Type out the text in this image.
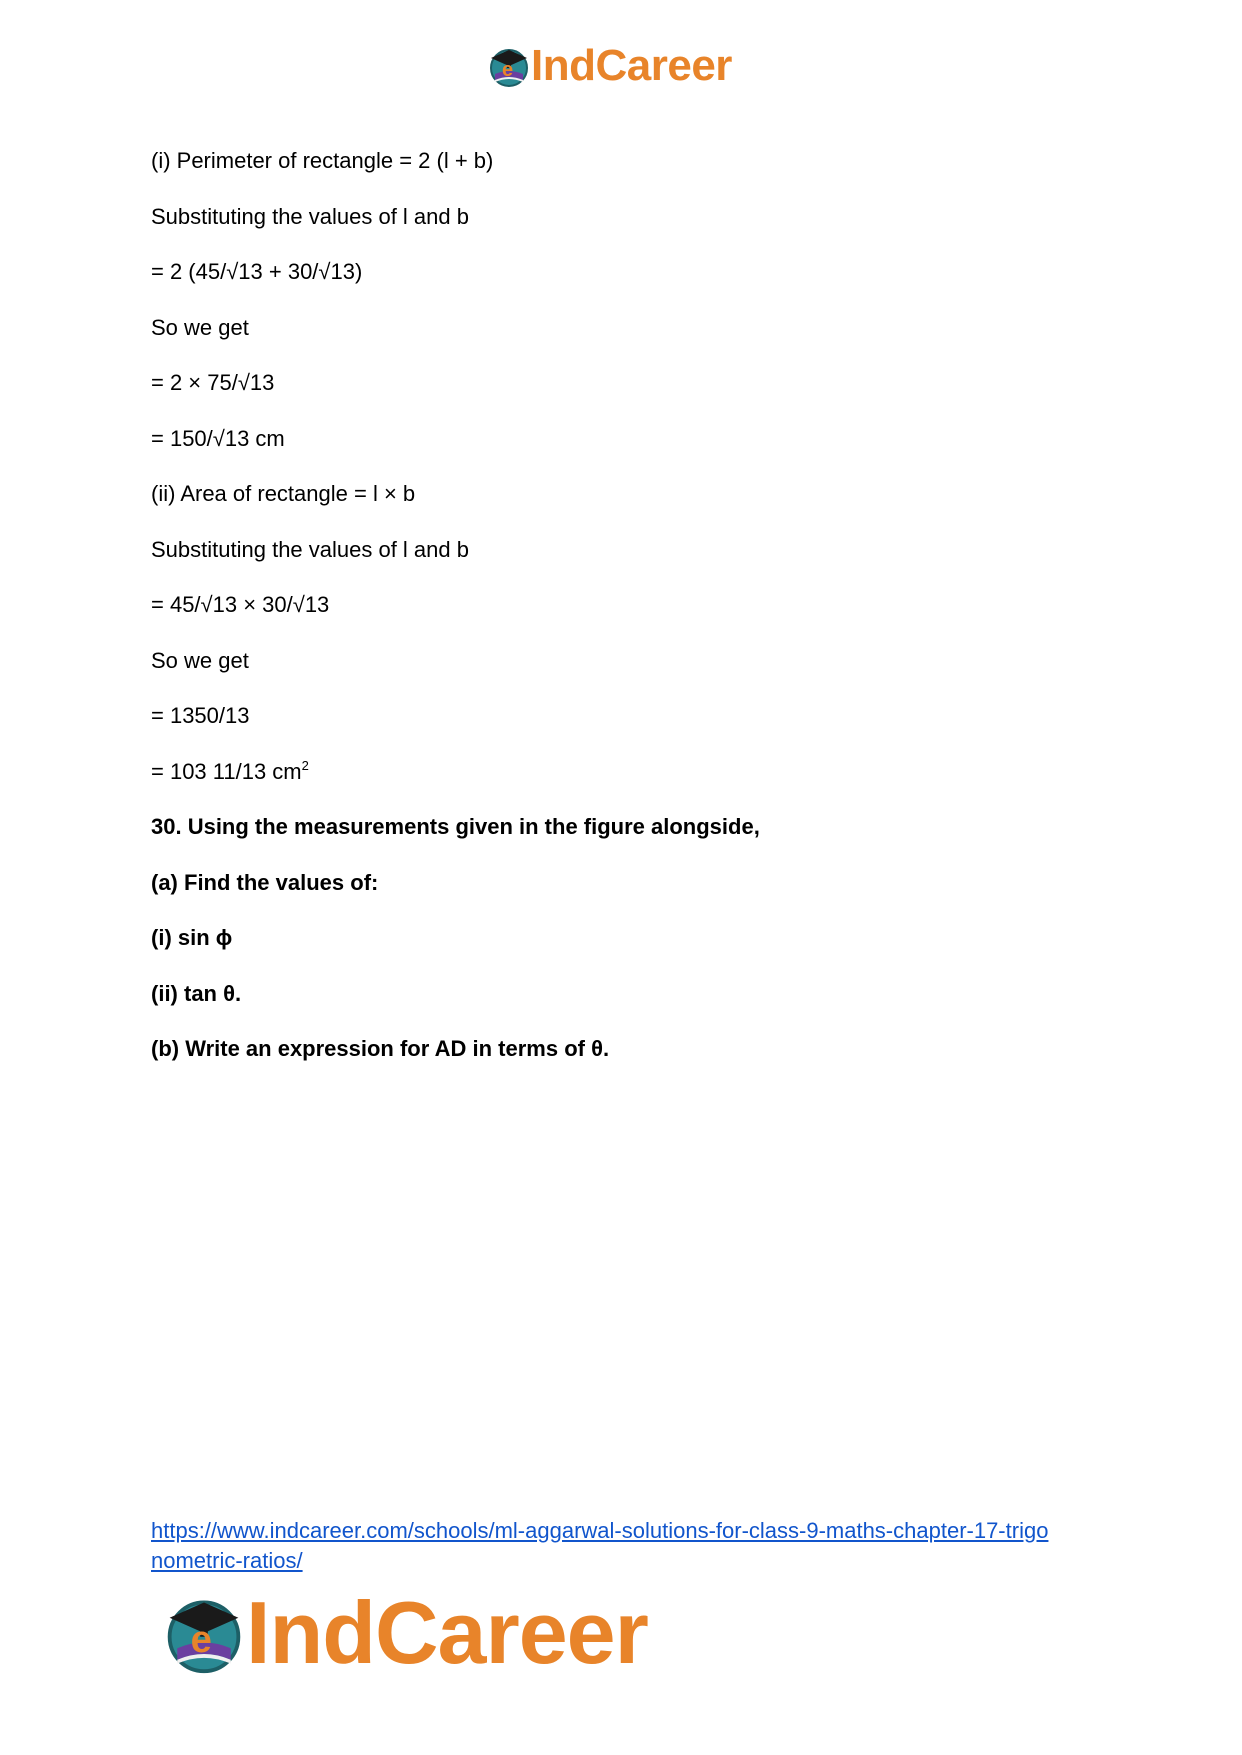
e IndCareer
(i) Perimeter of rectangle = 2 (l + b)
Substituting the values of l and b
= 2 (45/√13 + 30/√13)
So we get
= 2 × 75/√13
= 150/√13 cm
(ii) Area of rectangle = l × b
Substituting the values of l and b
= 45/√13 × 30/√13
So we get
= 1350/13
= 103 11/13 $cm^2$
30. Using the measurements given in the figure alongside,
(a) Find the values of:
(i) sin ϕ
(ii) tan θ.
(b) Write an expression for AD in terms of θ.
https://www.indcareer.com/schools/ml-aggarwal-solutions-for-class-9-maths-chapter-17-trigo
nometric-ratios/
e IndCareer
